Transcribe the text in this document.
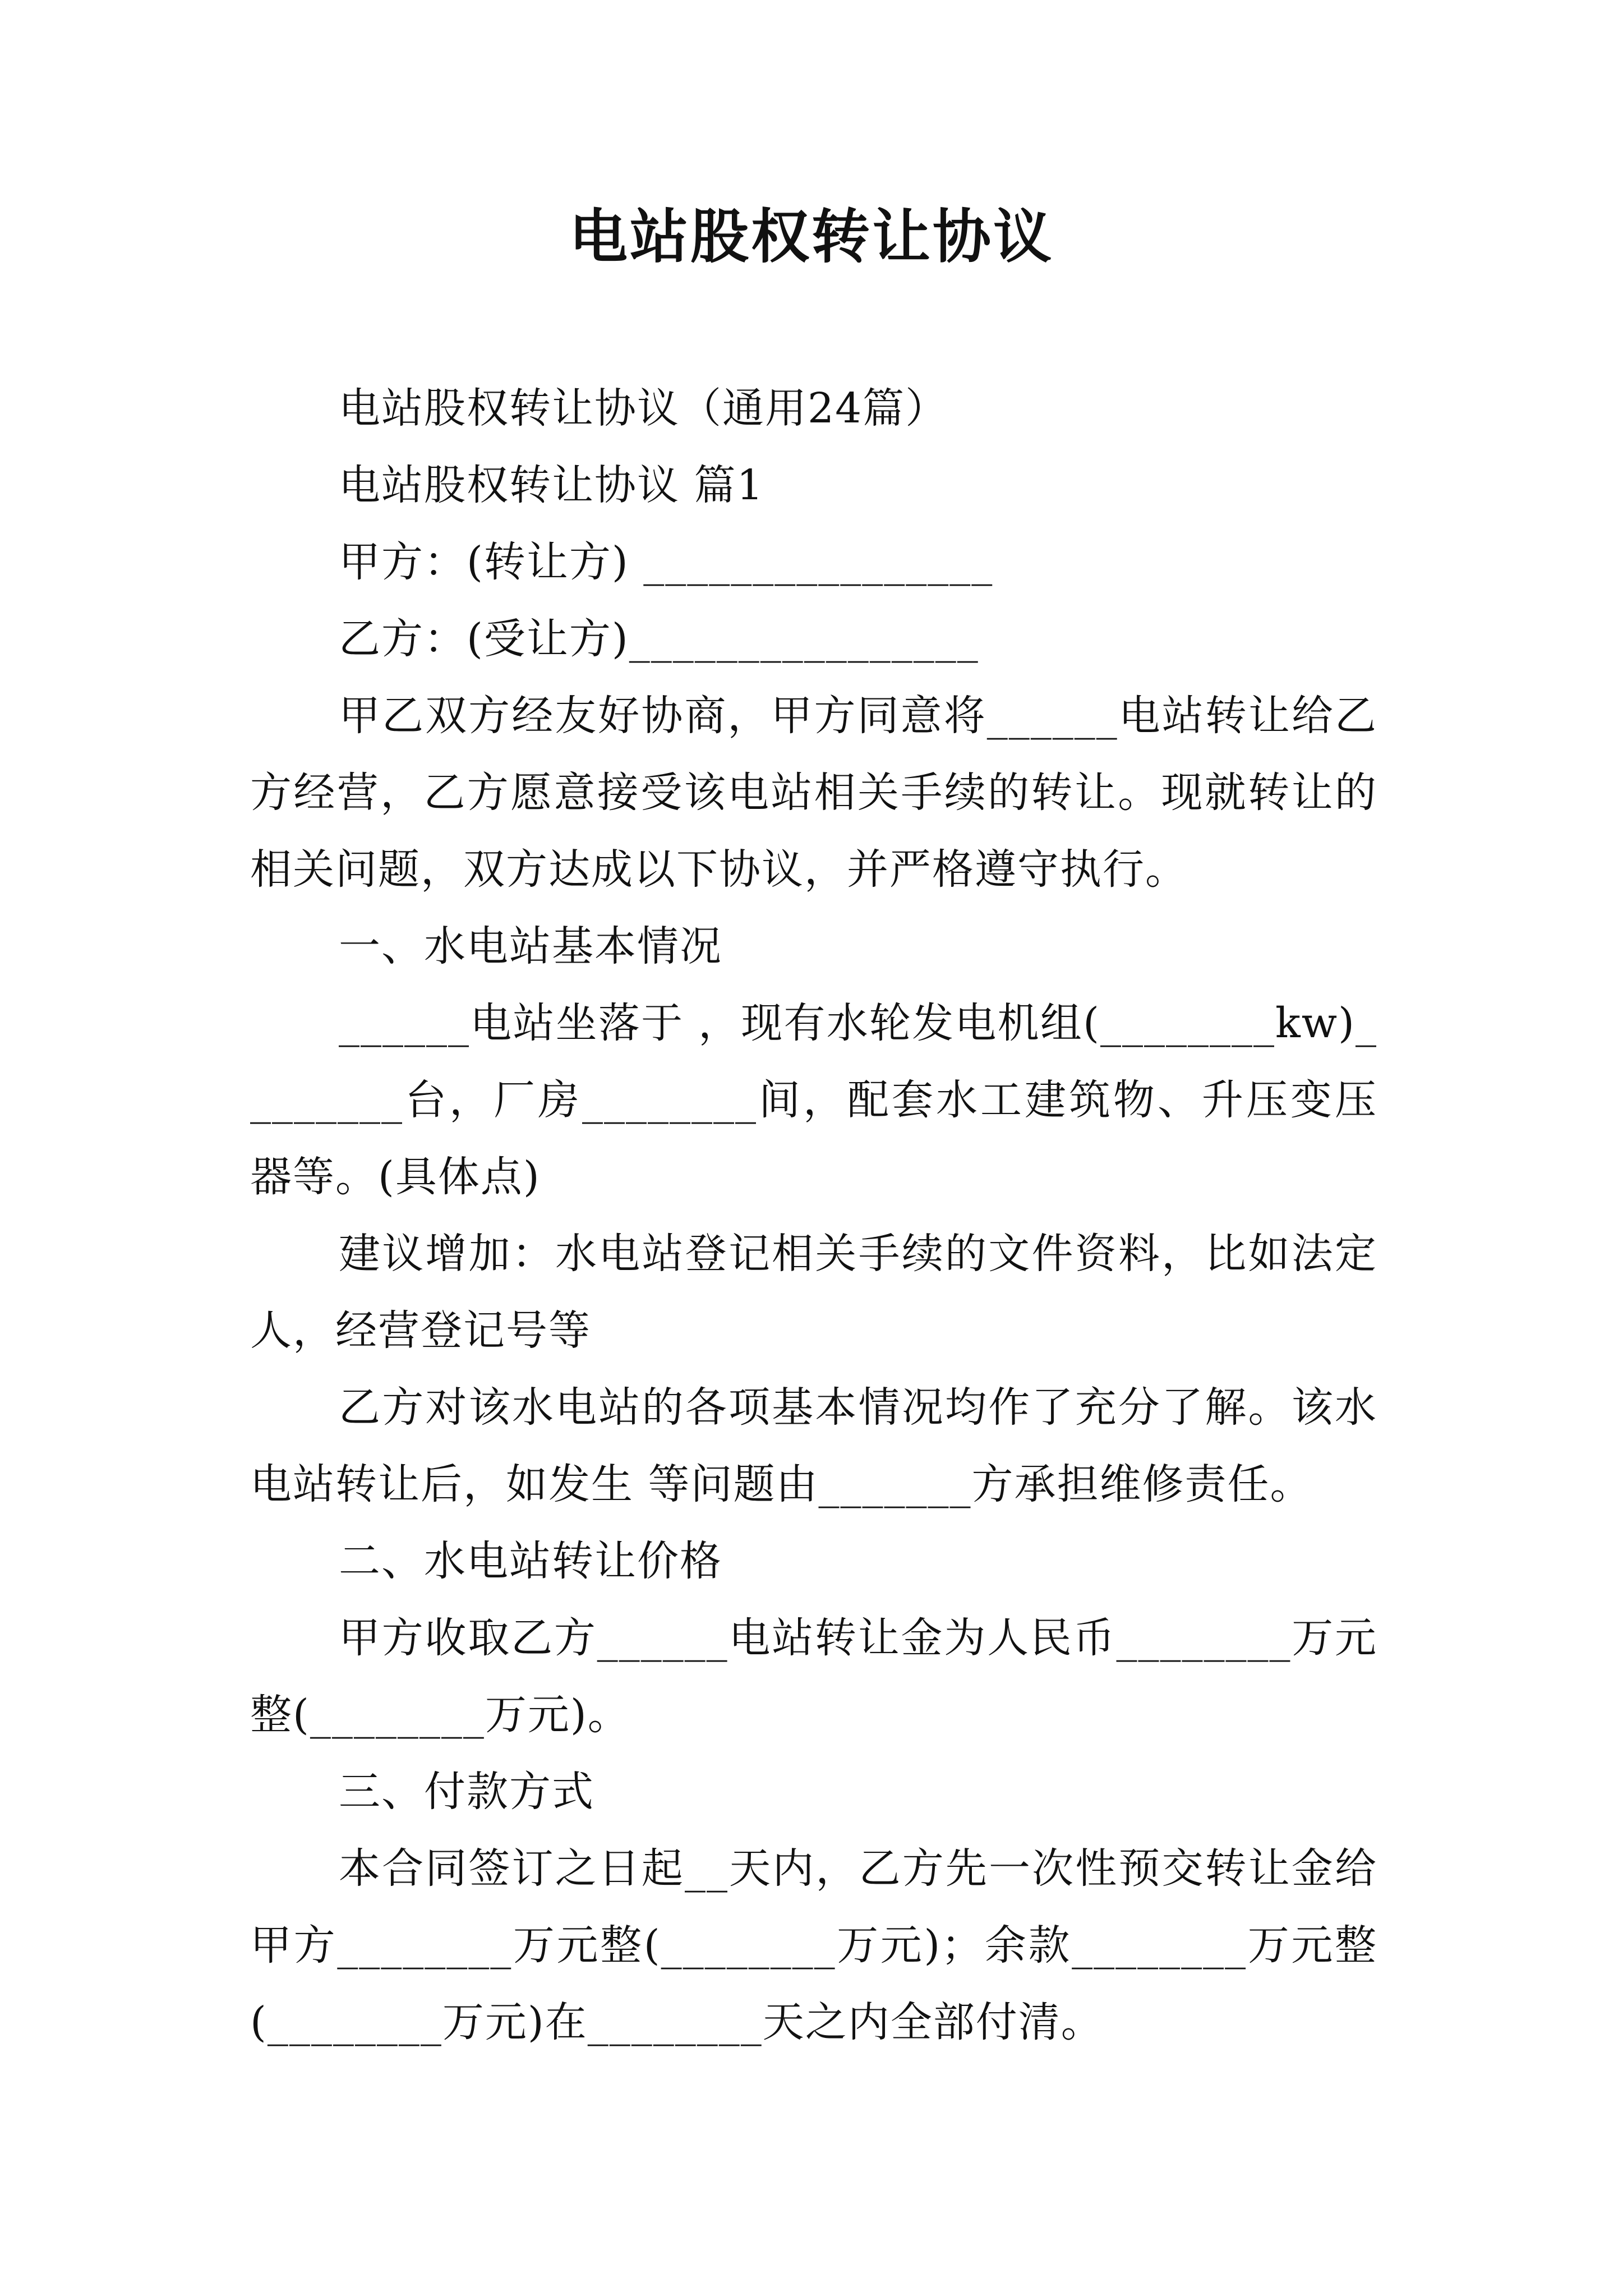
电站股权转让协议

电站股权转让协议（通用24篇）

电站股权转让协议 篇1

甲方：(转让方) ________________

乙方：(受让方)________________

甲乙双方经友好协商，甲方同意将______电站转让给乙方经营，乙方愿意接受该电站相关手续的转让。现就转让的相关问题，双方达成以下协议，并严格遵守执行。

一、水电站基本情况

______电站坐落于 ，现有水轮发电机组(________kw)________台，厂房________间，配套水工建筑物、升压变压器等。(具体点)

建议增加：水电站登记相关手续的文件资料，比如法定人，经营登记号等

乙方对该水电站的各项基本情况均作了充分了解。该水电站转让后，如发生 等问题由_______方承担维修责任。

二、水电站转让价格

甲方收取乙方______电站转让金为人民币________万元整(________万元)。

三、付款方式

本合同签订之日起__天内，乙方先一次性预交转让金给甲方________万元整(________万元)；余款________万元整(________万元)在________天之内全部付清。
